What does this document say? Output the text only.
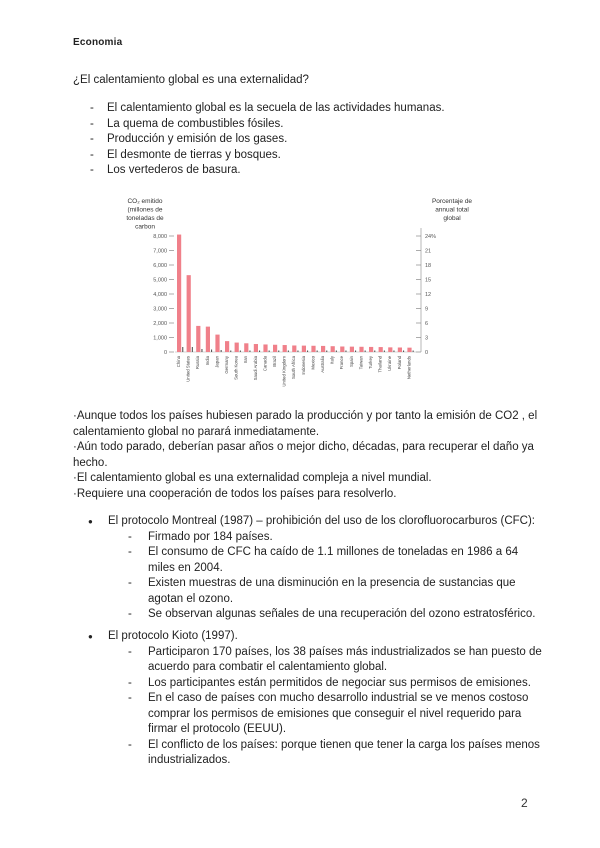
Economia
¿El calentamiento global es una externalidad?
- El calentamiento global es la secuela de las actividades humanas.
- La quema de combustibles fósiles.
- Producción y emisión de los gases.
- El desmonte de tierras y bosques.
- Los vertederos de basura.
CO₂ emitido
(millones de
toneladas de
carbon
Porcentaje de
annual total
global
0
1,000
2,000
3,000
4,000
5,000
6,000
7,000
8,000
0
3
6
9
12
15
18
21
24%
China United States Russia India Japan Germany South Korea Iran Saudi Arabia Canada Brazil United Kingdom South Africa Indonesia Mexico Australia Italy France Spain Taiwan Turkey Thailand Ukraine Poland Netherlands

·Aunque todos los países hubiesen parado la producción y por tanto la emisión de CO2 , el calentamiento global no parará inmediatamente.

·Aún todo parado, deberían pasar años o mejor dicho, décadas, para recuperar el daño ya hecho.

·El calentamiento global es una externalidad compleja a nivel mundial.

·Requiere una cooperación de todos los países para resolverlo.

● El protocolo Montreal (1987) – prohibición del uso de los clorofluorocarburos (CFC):
- Firmado por 184 países.
- El consumo de CFC ha caído de 1.1 millones de toneladas en 1986 a 64 miles en 2004.
- Existen muestras de una disminución en la presencia de sustancias que agotan el ozono.
- Se observan algunas señales de una recuperación del ozono estratosférico.
● El protocolo Kioto (1997).
- Participaron 170 países, los 38 países más industrializados se han puesto de acuerdo para combatir el calentamiento global.
- Los participantes están permitidos de negociar sus permisos de emisiones.
- En el caso de países con mucho desarrollo industrial se ve menos costoso comprar los permisos de emisiones que conseguir el nivel requerido para firmar el protocolo (EEUU).
- El conflicto de los países: porque tienen que tener la carga los países menos industrializados.
2
